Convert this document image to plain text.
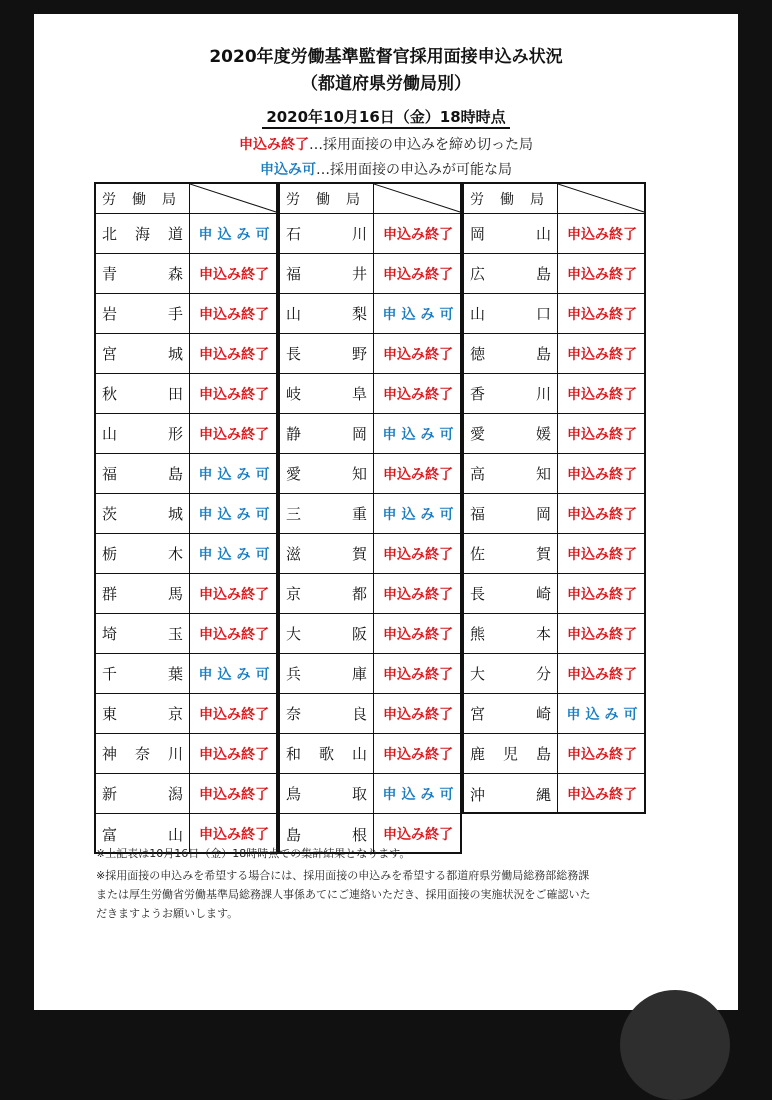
2020年度労働基準監督官採用面接申込み状況
（都道府県労働局別）
2020年10月16日（金）18時時点
申込み終了…採用面接の申込みを締め切った局
申込み可…採用面接の申込みが可能な局
労 働 局
北 海 道	申込み可
青	森	申込み終了
岩	手	申込み終了
宮	城	申込み終了
秋	田	申込み終了
山	形	申込み終了
福	島	申込み可
茨	城	申込み可
栃	木	申込み可
群	馬	申込み終了
埼	玉	申込み終了
千	葉	申込み可
東	京	申込み終了
神 奈 川	申込み終了
新	潟	申込み終了
富	山	申込み終了
労 働 局
石	川	申込み終了
福	井	申込み終了
山	梨	申込み可
長	野	申込み終了
岐	阜	申込み終了
静	岡	申込み可
愛	知	申込み終了
三	重	申込み可
滋	賀	申込み終了
京	都	申込み終了
大	阪	申込み終了
兵	庫	申込み終了
奈	良	申込み終了
和 歌 山	申込み終了
鳥	取	申込み可
島	根	申込み終了
労 働 局
岡	山	申込み終了
広	島	申込み終了
山	口	申込み終了
徳	島	申込み終了
香	川	申込み終了
愛	媛	申込み終了
高	知	申込み終了
福	岡	申込み終了
佐	賀	申込み終了
長	崎	申込み終了
熊	本	申込み終了
大	分	申込み終了
宮	崎	申込み可
鹿 児 島	申込み終了
沖	縄	申込み終了
※上記表は10月16日（金）18時時点での集計結果となります。
※採用面接の申込みを希望する場合には、採用面接の申込みを希望する都道府県労働局総務部総務課
または厚生労働省労働基準局総務課人事係あてにご連絡いただき、採用面接の実施状況をご確認いた
だきますようお願いします。
